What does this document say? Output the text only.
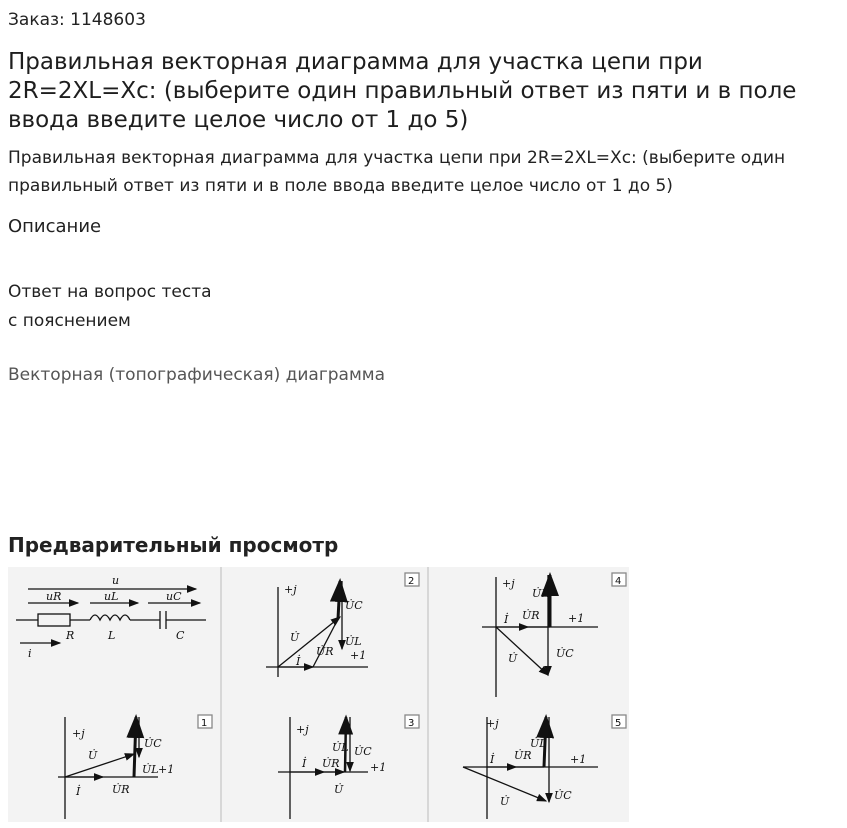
Заказ: 1148603
Правильная векторная диаграмма для участка цепи при 2R=2XL=Xc: (выберите один правильный ответ из пяти и в поле ввода введите целое число от 1 до 5)

Правильная векторная диаграмма для участка цепи при 2R=2XL=Xc: (выберите один правильный ответ из пяти и в поле ввода введите целое число от 1 до 5)

Описание
Ответ на вопрос теста
с пояснением
Векторная (топографическая) диаграмма
Предварительный просмотр
u
uR	uL	uC
R	L	C
i
2
+j
+1
U̇
İ
U̇R
U̇L
U̇C
4
+j
+1
U̇
İ U̇R
U̇L
U̇C
1
+j
+1
U̇
İ	U̇R
U̇L
U̇C
3
+j
+1
U̇
İ U̇R
U̇L U̇C
5
+j
+1
U̇
İ U̇R
U̇L
U̇C
